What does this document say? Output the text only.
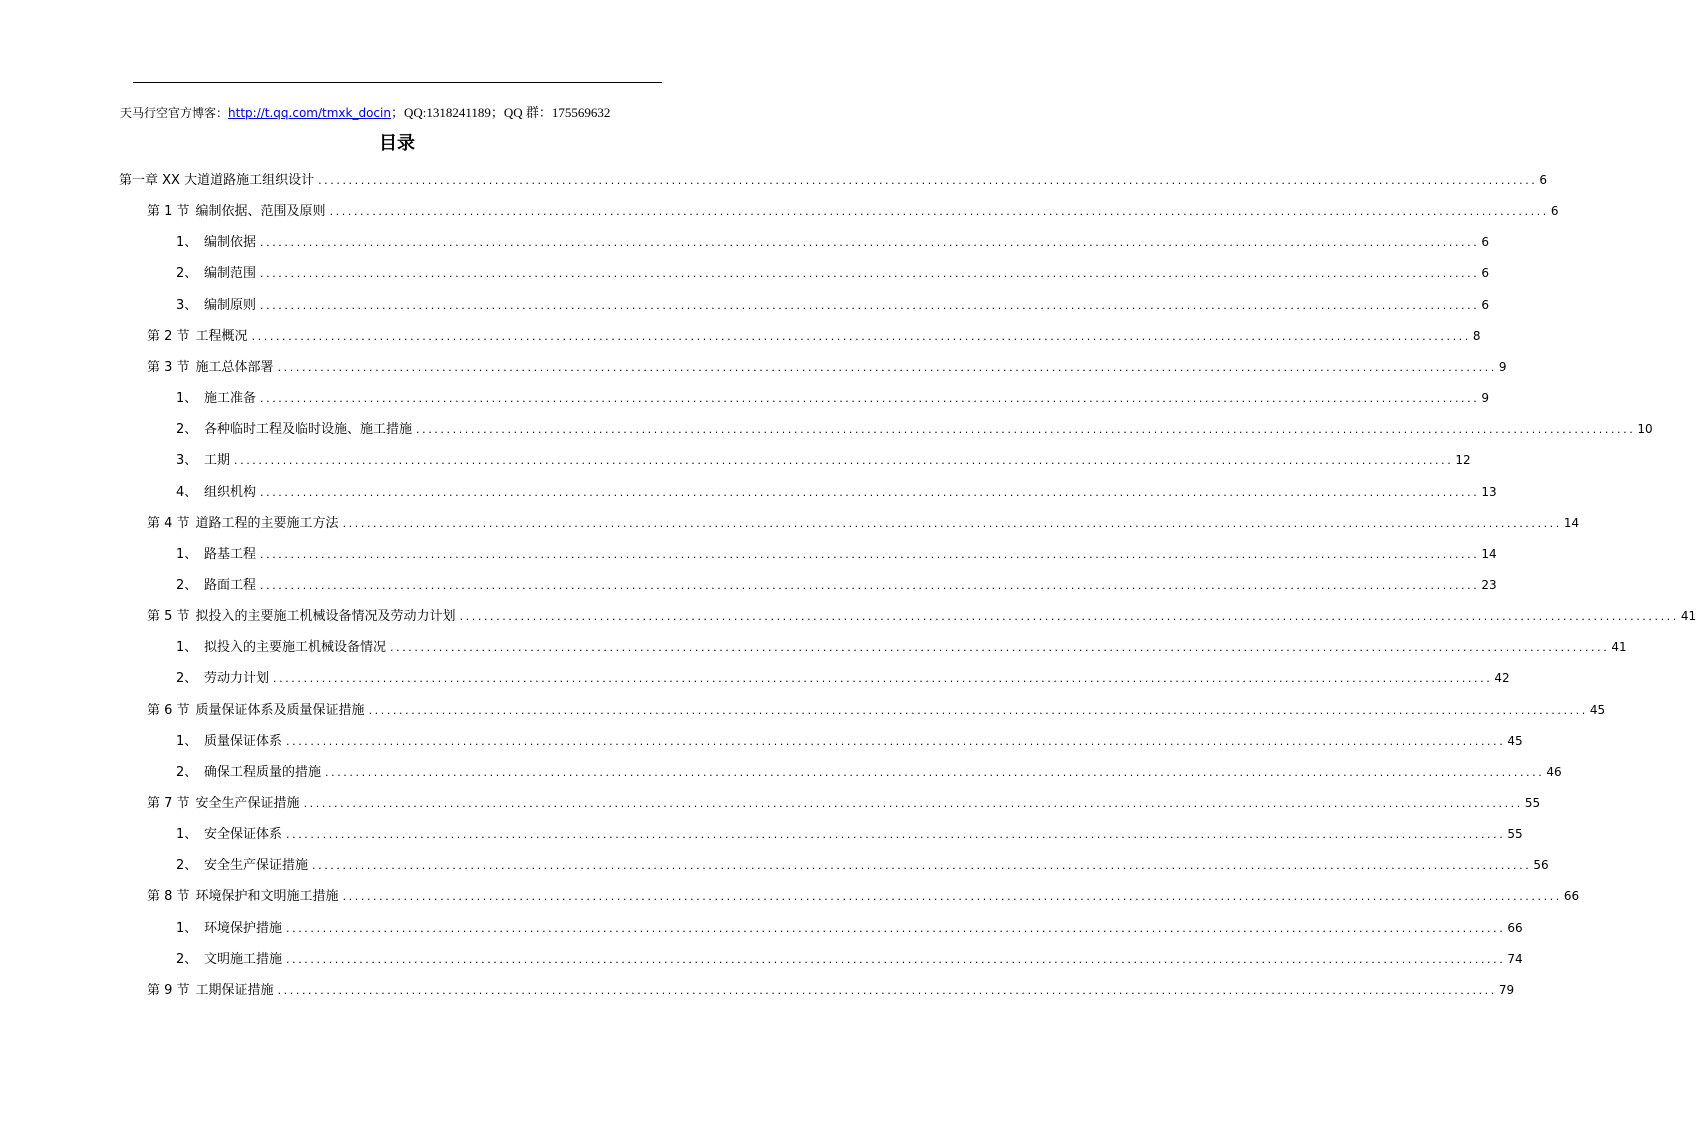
天马行空官方博客：http://t.qq.com/tmxk_docin；QQ:1318241189；QQ 群：175569632
目录
第一章 XX 大道道路施工组织设计 ........................................................................................................................................................................................................ 6
第 1 节 编制依据、范围及原则 ........................................................................................................................................................................................................ 6
1、 编制依据 ........................................................................................................................................................................................................ 6
2、 编制范围 ........................................................................................................................................................................................................ 6
3、 编制原则 ........................................................................................................................................................................................................ 6
第 2 节 工程概况 ........................................................................................................................................................................................................ 8
第 3 节 施工总体部署 ........................................................................................................................................................................................................ 9
1、 施工准备 ........................................................................................................................................................................................................ 9
2、 各种临时工程及临时设施、施工措施 ........................................................................................................................................................................................................ 10
3、 工期 ........................................................................................................................................................................................................ 12
4、 组织机构 ........................................................................................................................................................................................................ 13
第 4 节 道路工程的主要施工方法 ........................................................................................................................................................................................................ 14
1、 路基工程 ........................................................................................................................................................................................................ 14
2、 路面工程 ........................................................................................................................................................................................................ 23
第 5 节 拟投入的主要施工机械设备情况及劳动力计划 ........................................................................................................................................................................................................ 41
1、 拟投入的主要施工机械设备情况 ........................................................................................................................................................................................................ 41
2、 劳动力计划 ........................................................................................................................................................................................................ 42
第 6 节 质量保证体系及质量保证措施 ........................................................................................................................................................................................................ 45
1、 质量保证体系 ........................................................................................................................................................................................................ 45
2、 确保工程质量的措施 ........................................................................................................................................................................................................ 46
第 7 节 安全生产保证措施 ........................................................................................................................................................................................................ 55
1、 安全保证体系 ........................................................................................................................................................................................................ 55
2、 安全生产保证措施 ........................................................................................................................................................................................................ 56
第 8 节 环境保护和文明施工措施 ........................................................................................................................................................................................................ 66
1、 环境保护措施 ........................................................................................................................................................................................................ 66
2、 文明施工措施 ........................................................................................................................................................................................................ 74
第 9 节 工期保证措施 ........................................................................................................................................................................................................ 79
